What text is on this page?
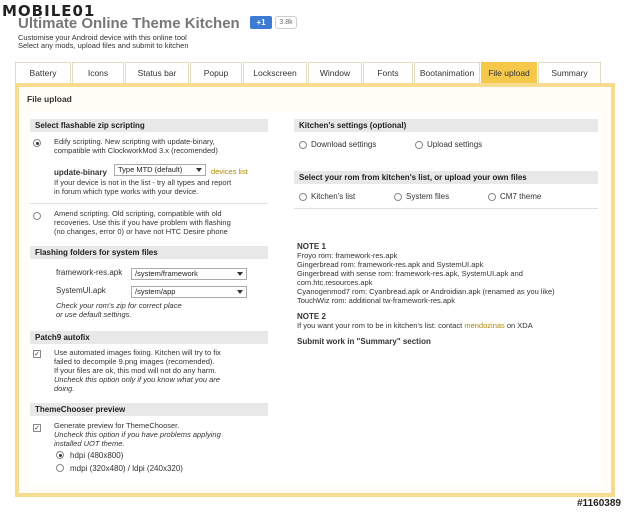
MOBILE01
Ultimate Online Theme Kitchen
Customise your Android device with this online tool
Select any mods, upload files and submit to kitchen
+1	3.8k
Battery	Icons	Status bar	Popup	Lockscreen	Window	Fonts	Bootanimation	File upload	Summary
File upload
Select flashable zip scripting
Edify scripting. New scripting with update-binary,
compatible with ClockworkMod 3.x (recomended)
update-binary	Type MTD (default)	devices list
If your device is not in the list - try all types and report
in forum which type works with your device.
Amend scripting. Old scripting, compatible with old
recoveries. Use this if you have problem with flashing
(no changes, error 0) or have not HTC Desire phone
Flashing folders for system files
framework-res.apk	/system/framework
SystemUI.apk	/system/app
Check your rom's zip for correct place
or use default settings.
Patch9 autofix
✓ Use automated images fixing. Kitchen will try to fix
failed to decompile 9.png images (recomended).
If your files are ok, this mod will not do any harm.
Uncheck this option only if you know what you are
doing.
ThemeChooser preview
✓ Generate preview for ThemeChooser.
Uncheck this option if you have problems applying
installed UOT theme.
hdpi (480x800)
mdpi (320x480) / ldpi (240x320)
Kitchen's settings (optional)
Download settings	Upload settings
Select your rom from kitchen's list, or upload your own files
Kitchen's list	System files	CM7 theme
NOTE 1
Froyo rom: framework-res.apk
Gingerbread rom: framework-res.apk and SystemUI.apk
Gingerbread with sense rom: framework-res.apk, SystemUI.apk and
com.htc.resources.apk
Cyanogenmod7 rom: Cyanbread.apk or Androidian.apk (renamed as you like)
TouchWiz rom: additional tw-framework-res.apk
NOTE 2
If you want your rom to be in kitchen's list: contact mendozinas on XDA
Submit work in "Summary" section
#1160389
